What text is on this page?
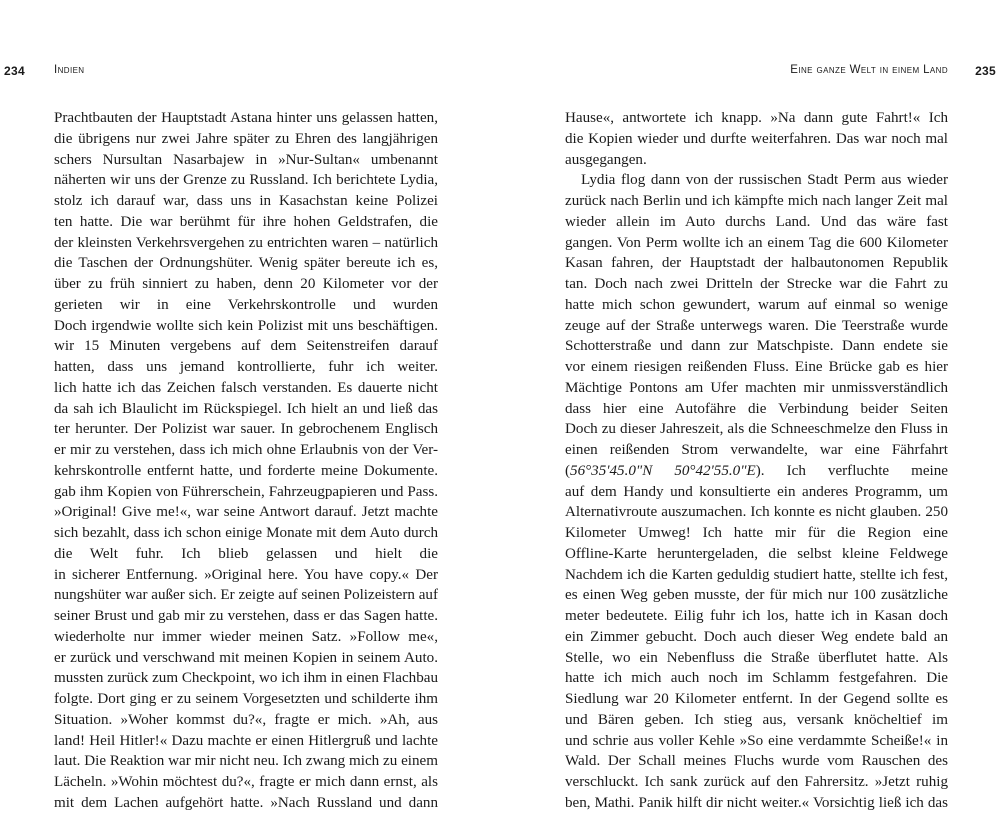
234	Indien	Eine ganze Welt in einem Land 235
Prachtbauten der Hauptstadt Astana hinter uns gelassen hatten,
die übrigens nur zwei Jahre später zu Ehren des langjährigen
schers Nursultan Nasarbajew in »Nur-Sultan« umbenannt
näherten wir uns der Grenze zu Russland. Ich berichtete Lydia,
stolz ich darauf war, dass uns in Kasachstan keine Polizei
ten hatte. Die war berühmt für ihre hohen Geldstrafen, die
der kleinsten Verkehrsvergehen zu entrichten waren – natürlich
die Taschen der Ordnungshüter. Wenig später bereute ich es,
über zu früh sinniert zu haben, denn 20 Kilometer vor der
gerieten wir in eine Verkehrskontrolle und wurden
Doch irgendwie wollte sich kein Polizist mit uns beschäftigen.
wir 15 Minuten vergebens auf dem Seitenstreifen darauf
hatten, dass uns jemand kontrollierte, fuhr ich weiter.
lich hatte ich das Zeichen falsch verstanden. Es dauerte nicht
da sah ich Blaulicht im Rückspiegel. Ich hielt an und ließ das
ter herunter. Der Polizist war sauer. In gebrochenem Englisch
er mir zu verstehen, dass ich mich ohne Erlaubnis von der Ver-
kehrskontrolle entfernt hatte, und forderte meine Dokumente.
gab ihm Kopien von Führerschein, Fahrzeugpapieren und Pass.
»Original! Give me!«, war seine Antwort darauf. Jetzt machte
sich bezahlt, dass ich schon einige Monate mit dem Auto durch
die Welt fuhr. Ich blieb gelassen und hielt die
in sicherer Entfernung. »Original here. You have copy.« Der
nungshüter war außer sich. Er zeigte auf seinen Polizeistern auf
seiner Brust und gab mir zu verstehen, dass er das Sagen hatte.
wiederholte nur immer wieder meinen Satz. »Follow me«,
er zurück und verschwand mit meinen Kopien in seinem Auto.
mussten zurück zum Checkpoint, wo ich ihm in einen Flachbau
folgte. Dort ging er zu seinem Vorgesetzten und schilderte ihm
Situation. »Woher kommst du?«, fragte er mich. »Ah, aus
land! Heil Hitler!« Dazu machte er einen Hitlergruß und lachte
laut. Die Reaktion war mir nicht neu. Ich zwang mich zu einem
Lächeln. »Wohin möchtest du?«, fragte er mich dann ernst, als
mit dem Lachen aufgehört hatte. »Nach Russland und dann
Hause«, antwortete ich knapp. »Na dann gute Fahrt!« Ich
die Kopien wieder und durfte weiterfahren. Das war noch mal
ausgegangen.
Lydia flog dann von der russischen Stadt Perm aus wieder
zurück nach Berlin und ich kämpfte mich nach langer Zeit mal
wieder allein im Auto durchs Land. Und das wäre fast
gangen. Von Perm wollte ich an einem Tag die 600 Kilometer
Kasan fahren, der Hauptstadt der halbautonomen Republik
tan. Doch nach zwei Dritteln der Strecke war die Fahrt zu
hatte mich schon gewundert, warum auf einmal so wenige
zeuge auf der Straße unterwegs waren. Die Teerstraße wurde
Schotterstraße und dann zur Matschpiste. Dann endete sie
vor einem riesigen reißenden Fluss. Eine Brücke gab es hier
Mächtige Pontons am Ufer machten mir unmissverständlich
dass hier eine Autofähre die Verbindung beider Seiten
Doch zu dieser Jahreszeit, als die Schneeschmelze den Fluss in
einen reißenden Strom verwandelte, war eine Fährfahrt
(56°35'45.0"N 50°42'55.0"E). Ich verfluchte meine
auf dem Handy und konsultierte ein anderes Programm, um
Alternativroute auszumachen. Ich konnte es nicht glauben. 250
Kilometer Umweg! Ich hatte mir für die Region eine
Offline-Karte heruntergeladen, die selbst kleine Feldwege
Nachdem ich die Karten geduldig studiert hatte, stellte ich fest,
es einen Weg geben musste, der für mich nur 100 zusätzliche
meter bedeutete. Eilig fuhr ich los, hatte ich in Kasan doch
ein Zimmer gebucht. Doch auch dieser Weg endete bald an
Stelle, wo ein Nebenfluss die Straße überflutet hatte. Als
hatte ich mich auch noch im Schlamm festgefahren. Die
Siedlung war 20 Kilometer entfernt. In der Gegend sollte es
und Bären geben. Ich stieg aus, versank knöcheltief im
und schrie aus voller Kehle »So eine verdammte Scheiße!« in
Wald. Der Schall meines Fluchs wurde vom Rauschen des
verschluckt. Ich sank zurück auf den Fahrersitz. »Jetzt ruhig
ben, Mathi. Panik hilft dir nicht weiter.« Vorsichtig ließ ich das
